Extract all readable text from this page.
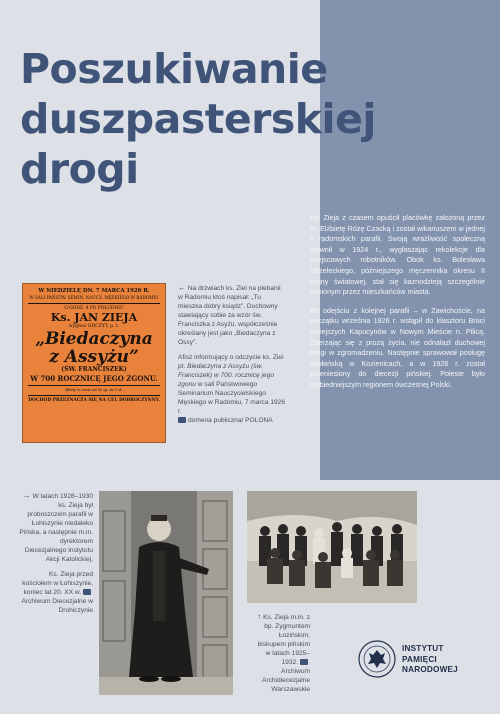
Poszukiwanie
duszpasterskiej
drogi

Ks. Zieja z czasem opuścił placówkę założoną przez m. Elżbietę Różę Czacką i został wikariuszem w jednej z radomskich parafii. Swoją wrażliwość społeczną ujawnił w 1924 r., wygłaszając rekolekcje dla miejscowych robotników. Obok ks. Bolesława Strzeleckiego, późniejszego męczennika okresu II wojny światowej, stał się kaznodzieją szczególnie cenionym przez mieszkańców miasta.

Po odejściu z kolejnej parafii – w Zawichoście, na początku września 1926 r. wstąpił do klasztoru Braci Mniejszych Kapucynów w Nowym Mieście n. Pilicą. Zderzając się z prozą życia, nie odnalazł duchowej drogi w zgromadzeniu. Następnie sprawował posługę kapłańską w Kozienicach, a w 1928 r. został przeniesiony do diecezji pińskiej. Polesie było najbiedniejszym regionem ówczesnej Polski.

W NIEDZIELĘ DN. 7 MARCA 1926 R.
W SALI PAŃSTW. SEMIN. NAUCZ. MĘSKIEGO W RADOMIU
O GODZ. 4 PO POŁUDNIU
Ks. JAN ZIEJA
wygłosi ODCZYT, p. t.
„Biedaczyna
z Assyżu”
(ŚW. FRANCISZEK)
W 700 ROCZNICĘ JEGO ZGONU.
Bilety w cenie od 50 gr. do 1 zł.
DOCHÓD PRZEZNACZA SIĘ NA CEL DOBROCZYNNY.

← Na drzwiach ks. Ziei na plebanii w Radomiu ktoś napisał: „Tu mieszka dobry ksiądz”. Duchowny stawiający sobie za wzór św. Franciszka z Asyżu, współcześnie określany jest jako „Biedaczyna z Ossy”.

Afisz informujący o odczycie ks. Ziei pt. Biedaczyna z Assyżu (św. Franciszek) w 700. rocznicę jego zgonu w sali Państwowego Seminarium Nauczycielskiego Męskiego w Radomiu, 7 marca 1926 r.
domena publiczna/ POLONA

→ W latach 1928–1930 ks. Zieja był proboszczem parafii w Łohiszynie niedaleko Pińska, a następnie m.in. dyrektorem Diecezjalnego Instytutu Akcji Katolickiej.

Ks. Zieja przed kościołem w Łohiszynie, koniec lat 20. XX w. Archiwum Diecezjalne w Drohiczynie

↑ Ks. Zieja m.in. z bp. Zygmuntem Łozińskim, biskupem pińskim w latach 1925–1932. Archiwum Archidiecezjalne Warszawskie

INSTYTUT
PAMIĘCI
NARODOWEJ
